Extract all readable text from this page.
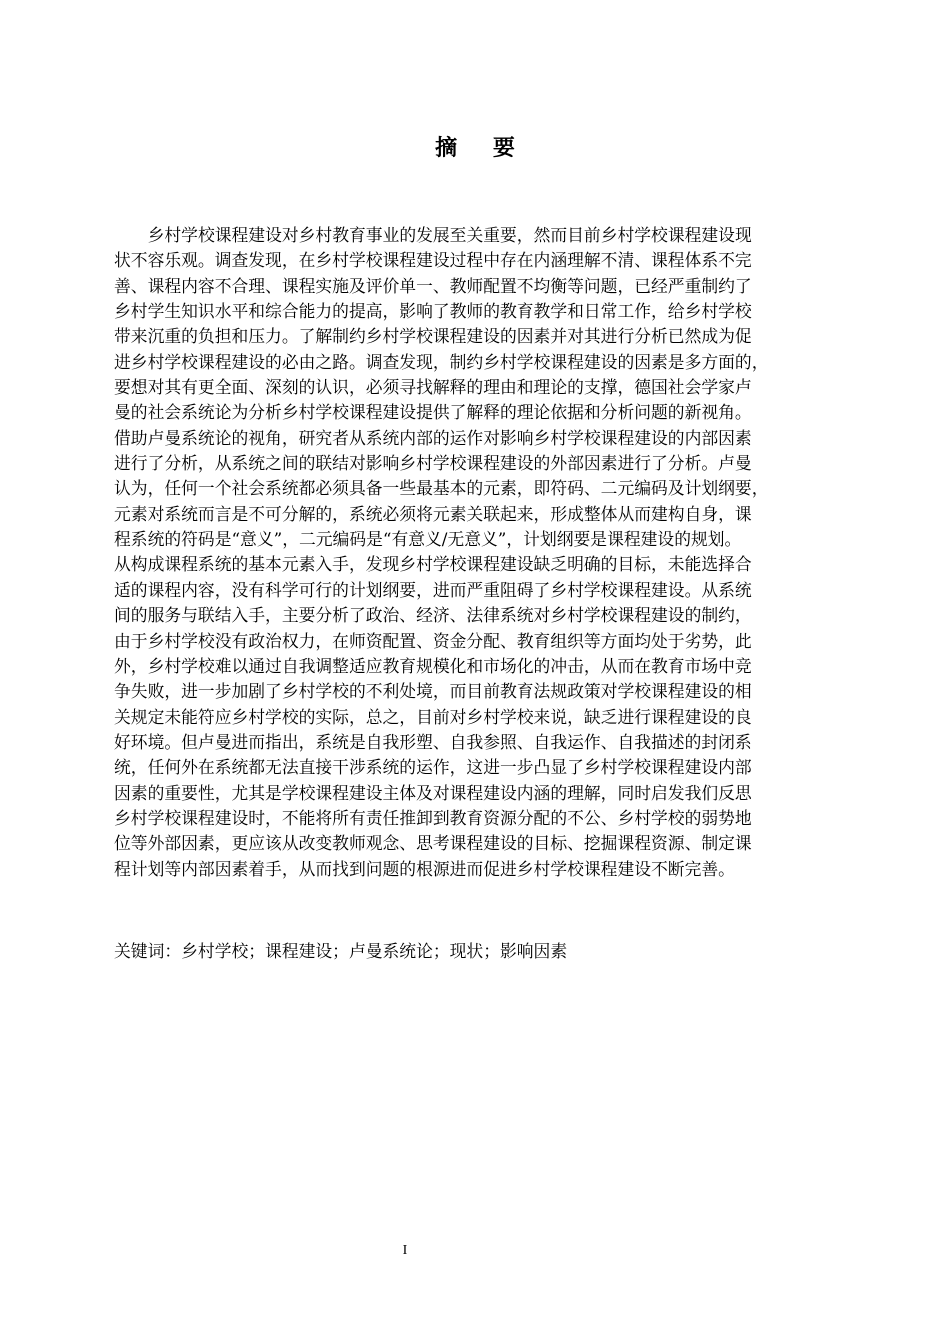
摘 要
乡村学校课程建设对乡村教育事业的发展至关重要，然而目前乡村学校课程建设现
状不容乐观。调查发现，在乡村学校课程建设过程中存在内涵理解不清、课程体系不完
善、课程内容不合理、课程实施及评价单一、教师配置不均衡等问题，已经严重制约了
乡村学生知识水平和综合能力的提高，影响了教师的教育教学和日常工作，给乡村学校
带来沉重的负担和压力。了解制约乡村学校课程建设的因素并对其进行分析已然成为促
进乡村学校课程建设的必由之路。调查发现，制约乡村学校课程建设的因素是多方面的，
要想对其有更全面、深刻的认识，必须寻找解释的理由和理论的支撑，德国社会学家卢
曼的社会系统论为分析乡村学校课程建设提供了解释的理论依据和分析问题的新视角。
借助卢曼系统论的视角，研究者从系统内部的运作对影响乡村学校课程建设的内部因素
进行了分析，从系统之间的联结对影响乡村学校课程建设的外部因素进行了分析。卢曼
认为，任何一个社会系统都必须具备一些最基本的元素，即符码、二元编码及计划纲要，
元素对系统而言是不可分解的，系统必须将元素关联起来，形成整体从而建构自身，课
程系统的符码是“意义”，二元编码是“有意义/无意义”，计划纲要是课程建设的规划。
从构成课程系统的基本元素入手，发现乡村学校课程建设缺乏明确的目标，未能选择合
适的课程内容，没有科学可行的计划纲要，进而严重阻碍了乡村学校课程建设。从系统
间的服务与联结入手，主要分析了政治、经济、法律系统对乡村学校课程建设的制约，
由于乡村学校没有政治权力，在师资配置、资金分配、教育组织等方面均处于劣势，此
外，乡村学校难以通过自我调整适应教育规模化和市场化的冲击，从而在教育市场中竞
争失败，进一步加剧了乡村学校的不利处境，而目前教育法规政策对学校课程建设的相
关规定未能符应乡村学校的实际，总之，目前对乡村学校来说，缺乏进行课程建设的良
好环境。但卢曼进而指出，系统是自我形塑、自我参照、自我运作、自我描述的封闭系
统，任何外在系统都无法直接干涉系统的运作，这进一步凸显了乡村学校课程建设内部
因素的重要性，尤其是学校课程建设主体及对课程建设内涵的理解，同时启发我们反思
乡村学校课程建设时，不能将所有责任推卸到教育资源分配的不公、乡村学校的弱势地
位等外部因素，更应该从改变教师观念、思考课程建设的目标、挖掘课程资源、制定课
程计划等内部因素着手，从而找到问题的根源进而促进乡村学校课程建设不断完善。
关键词：乡村学校；课程建设；卢曼系统论；现状；影响因素
I
